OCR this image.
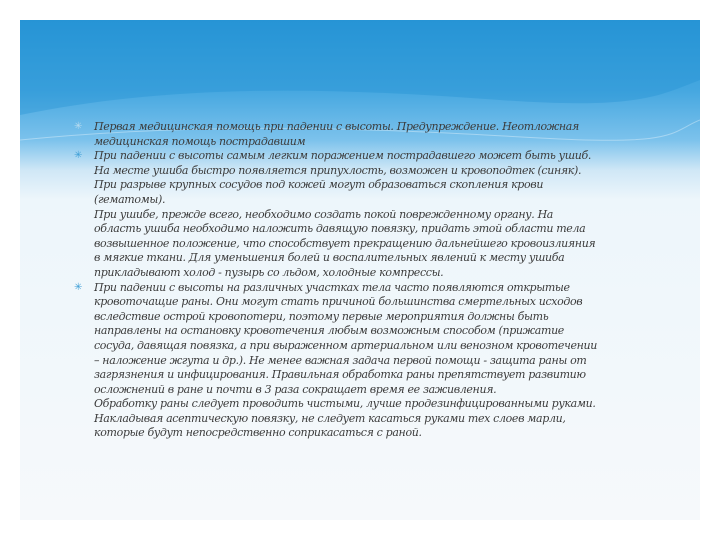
✳	Первая медицинская помощь при падении с высоты. Предупреждение. Неотложная
медицинская помощь пострадавшим
✳	При падении с высоты самым легким поражением пострадавшего может быть ушиб.
На месте ушиба быстро появляется припухлость, возможен и кровоподтек (синяк).
При разрыве крупных сосудов под кожей могут образоваться скопления крови
(гематомы).
При ушибе, прежде всего, необходимо создать покой поврежденному органу. На
область ушиба необходимо наложить давящую повязку, придать этой области тела
возвышенное положение, что способствует прекращению дальнейшего кровоизлияния
в мягкие ткани. Для уменьшения болей и воспалительных явлений к месту ушиба
прикладывают холод - пузырь со льдом, холодные компрессы.
✳	При падении с высоты на различных участках тела часто появляются открытые
кровоточащие раны. Они могут стать причиной большинства смертельных исходов
вследствие острой кровопотери, поэтому первые мероприятия должны быть
направлены на остановку кровотечения любым возможным способом (прижатие
сосуда, давящая повязка, а при выраженном артериальном или венозном кровотечении
– наложение жгута и др.). Не менее важная задача первой помощи - защита раны от
загрязнения и инфицирования. Правильная обработка раны препятствует развитию
осложнений в ране и почти в 3 раза сокращает время ее заживления.
Обработку раны следует проводить чистыми, лучше продезинфицированными руками.
Накладывая асептическую повязку, не следует касаться руками тех слоев марли,
которые будут непосредственно соприкасаться с раной.
